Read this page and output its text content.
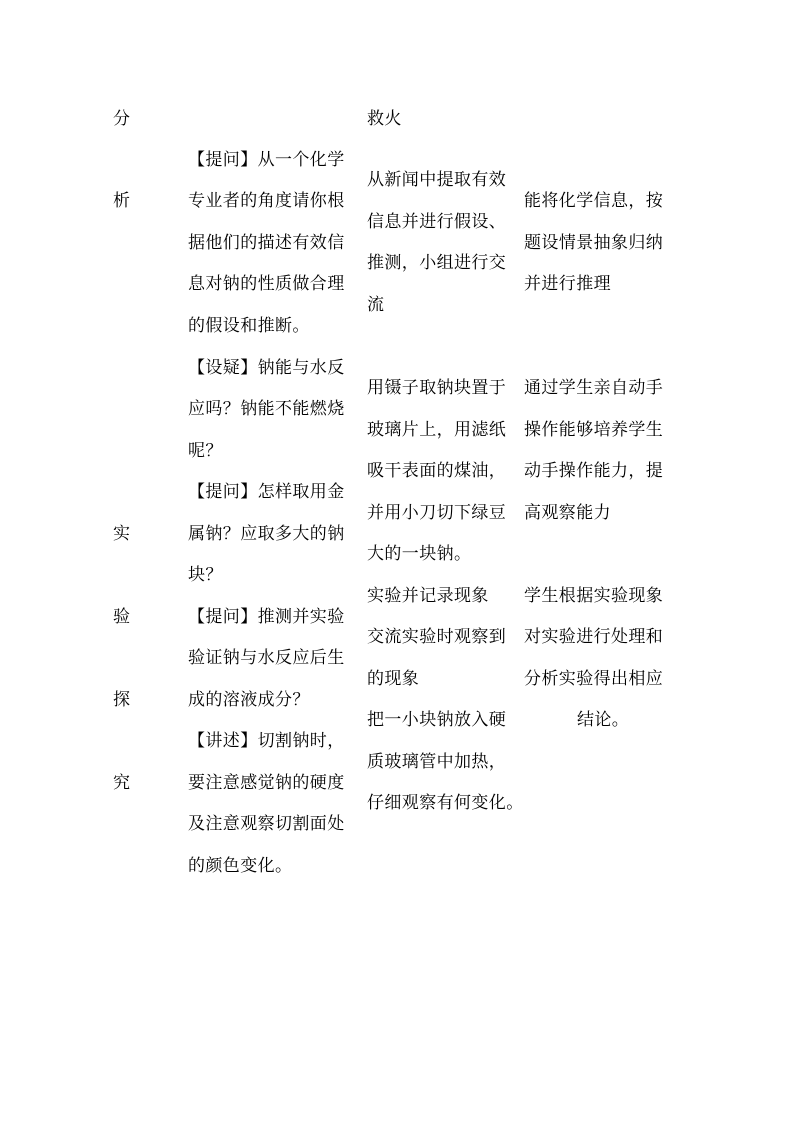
分
析
实
验
探
究
【提问】从一个化学
专业者的角度请你根
据他们的描述有效信
息对钠的性质做合理
的假设和推断。
【设疑】钠能与水反
应吗？钠能不能燃烧
呢？
【提问】怎样取用金
属钠？应取多大的钠
块？
【提问】推测并实验
验证钠与水反应后生
成的溶液成分？
【讲述】切割钠时，
要注意感觉钠的硬度
及注意观察切割面处
的颜色变化。
救火
从新闻中提取有效
信息并进行假设、
推测，小组进行交
流
用镊子取钠块置于
玻璃片上，用滤纸
吸干表面的煤油，
并用小刀切下绿豆
大的一块钠。
实验并记录现象
交流实验时观察到
的现象
把一小块钠放入硬
质玻璃管中加热，
仔细观察有何变化。
能将化学信息，按
题设情景抽象归纳
并进行推理
通过学生亲自动手
操作能够培养学生
动手操作能力，提
高观察能力
学生根据实验现象
对实验进行处理和
分析实验得出相应
结论。
